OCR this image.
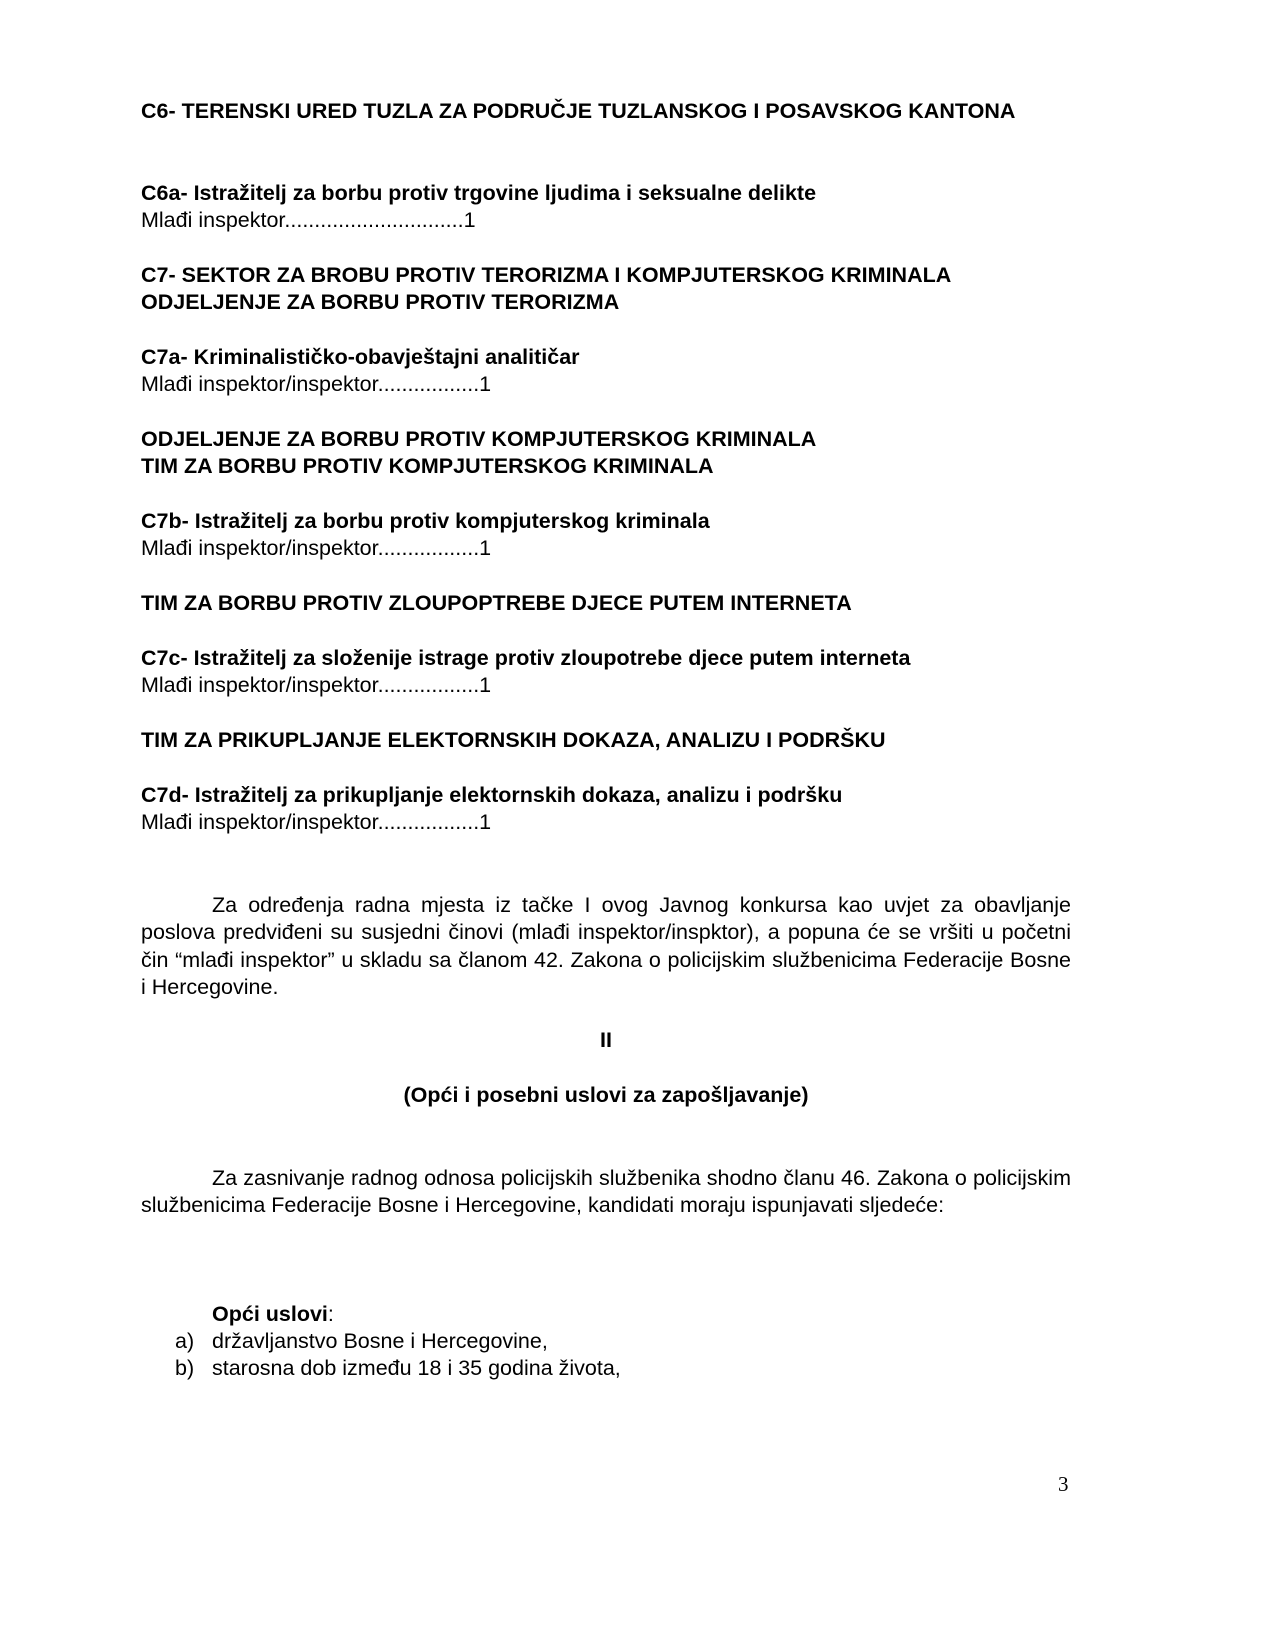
C6- TERENSKI URED TUZLA ZA PODRUČJE TUZLANSKOG I POSAVSKOG KANTONA
C6a- Istražitelj za borbu protiv trgovine ljudima i seksualne delikte
Mlađi inspektor..............................1
C7- SEKTOR ZA BROBU PROTIV TERORIZMA I KOMPJUTERSKOG KRIMINALA
ODJELJENJE ZA BORBU PROTIV TERORIZMA
C7a- Kriminalističko-obavještajni analitičar
Mlađi inspektor/inspektor.................1
ODJELJENJE ZA BORBU PROTIV KOMPJUTERSKOG KRIMINALA
TIM ZA BORBU PROTIV KOMPJUTERSKOG KRIMINALA
C7b- Istražitelj za borbu protiv kompjuterskog kriminala
Mlađi inspektor/inspektor.................1
TIM ZA BORBU PROTIV ZLOUPOPTREBE DJECE PUTEM INTERNETA
C7c- Istražitelj za složenije istrage protiv zloupotrebe djece putem interneta
Mlađi inspektor/inspektor.................1
TIM ZA PRIKUPLJANJE ELEKTORNSKIH DOKAZA, ANALIZU I PODRŠKU
C7d- Istražitelj za prikupljanje elektornskih dokaza, analizu i podršku
Mlađi inspektor/inspektor.................1
Za određenja radna mjesta iz tačke I ovog Javnog konkursa kao uvjet za obavljanje poslova predviđeni su susjedni činovi (mlađi inspektor/inspktor), a popuna će se vršiti u početni čin “mlađi inspektor” u skladu sa članom 42. Zakona o policijskim službenicima Federacije Bosne i Hercegovine.
II
(Opći i posebni uslovi za zapošljavanje)
Za zasnivanje radnog odnosa policijskih službenika shodno članu 46. Zakona o policijskim službenicima Federacije Bosne i Hercegovine, kandidati moraju ispunjavati sljedeće:
Opći uslovi:
a) državljanstvo Bosne i Hercegovine,
b) starosna dob između 18 i 35 godina života,
3
